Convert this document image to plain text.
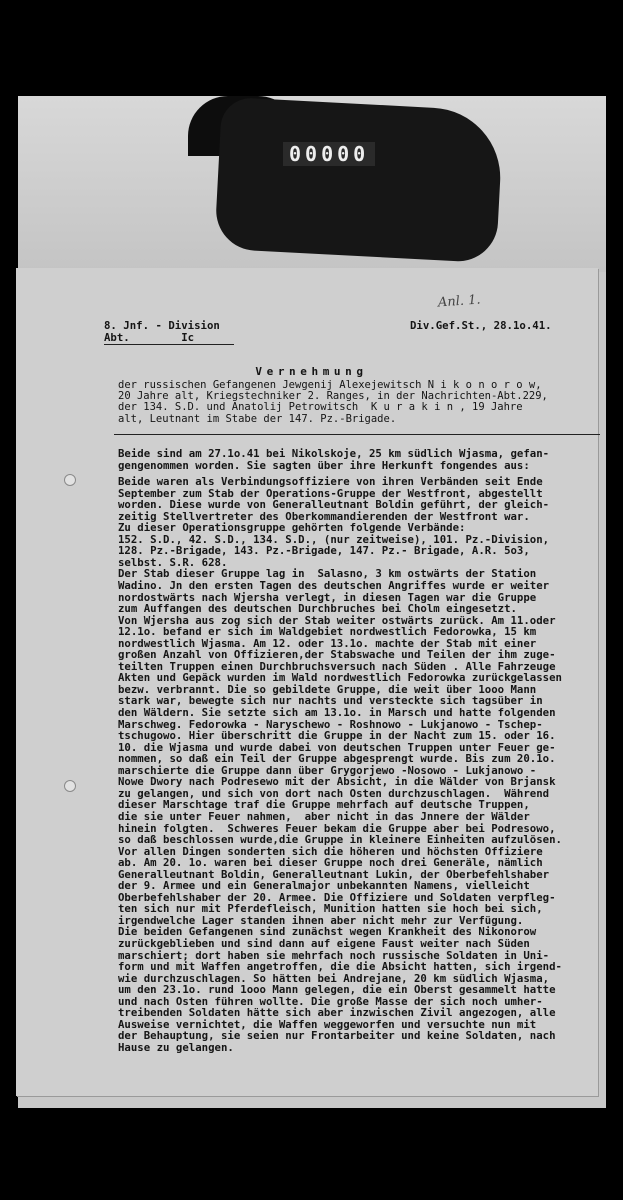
00000
Anl. 1.
8. Jnf. - Division
Abt.        Ic
Div.Gef.St., 28.1o.41.
Vernehmung
der russischen Gefangenen Jewgenij Alexejewitsch N i k o n o r o w,
20 Jahre alt, Kriegstechniker 2. Ranges, in der Nachrichten-Abt.229,
der 134. S.D. und Anatolij Petrowitsch  K u r a k i n , 19 Jahre
alt, Leutnant im Stabe der 147. Pz.-Brigade.
Beide sind am 27.1o.41 bei Nikolskoje, 25 km südlich Wjasma, gefan-
gengenommen worden. Sie sagten über ihre Herkunft fongendes aus:

Beide waren als Verbindungsoffiziere von ihren Verbänden seit Ende
September zum Stab der Operations-Gruppe der Westfront, abgestellt
worden. Diese wurde von Generalleutnant Boldin geführt, der gleich-
zeitig Stellvertreter des Oberkommandierenden der Westfront war.
Zu dieser Operationsgruppe gehörten folgende Verbände:
152. S.D., 42. S.D., 134. S.D., (nur zeitweise), 101. Pz.-Division,
128. Pz.-Brigade, 143. Pz.-Brigade, 147. Pz.- Brigade, A.R. 5o3,
selbst. S.R. 628.
Der Stab dieser Gruppe lag in  Salasno, 3 km ostwärts der Station
Wadino. Jn den ersten Tagen des deutschen Angriffes wurde er weiter
nordostwärts nach Wjersha verlegt, in diesen Tagen war die Gruppe
zum Auffangen des deutschen Durchbruches bei Cholm eingesetzt.
Von Wjersha aus zog sich der Stab weiter ostwärts zurück. Am 11.oder
12.1o. befand er sich im Waldgebiet nordwestlich Fedorowka, 15 km
nordwestlich Wjasma. Am 12. oder 13.1o. machte der Stab mit einer
großen Anzahl von Offizieren,der Stabswache und Teilen der ihm zuge-
teilten Truppen einen Durchbruchsversuch nach Süden . Alle Fahrzeuge
Akten und Gepäck wurden im Wald nordwestlich Fedorowka zurückgelassen
bezw. verbrannt. Die so gebildete Gruppe, die weit über 1ooo Mann
stark war, bewegte sich nur nachts und versteckte sich tagsüber in
den Wäldern. Sie setzte sich am 13.1o. in Marsch und hatte folgenden
Marschweg. Fedorowka - Naryschewo - Roshnowo - Lukjanowo - Tschep-
tschugowo. Hier überschritt die Gruppe in der Nacht zum 15. oder 16.
10. die Wjasma und wurde dabei von deutschen Truppen unter Feuer ge-
nommen, so daß ein Teil der Gruppe abgesprengt wurde. Bis zum 20.1o.
marschierte die Gruppe dann über Grygorjewo -Nosowo - Lukjanowo -
Nowe Dwory nach Podresewo mit der Absicht, in die Wälder von Brjansk
zu gelangen, und sich von dort nach Osten durchzuschlagen.  Während
dieser Marschtage traf die Gruppe mehrfach auf deutsche Truppen,
die sie unter Feuer nahmen,  aber nicht in das Jnnere der Wälder
hinein folgten.  Schweres Feuer bekam die Gruppe aber bei Podresowo,
so daß beschlossen wurde,die Gruppe in kleinere Einheiten aufzulösen.
Vor allen Dingen sonderten sich die höheren und höchsten Offiziere
ab. Am 20. 1o. waren bei dieser Gruppe noch drei Generäle, nämlich
Generalleutnant Boldin, Generalleutnant Lukin, der Oberbefehlshaber
der 9. Armee und ein Generalmajor unbekannten Namens, vielleicht
Oberbefehlshaber der 20. Armee. Die Offiziere und Soldaten verpfleg-
ten sich nur mit Pferdefleisch, Munition hatten sie hoch bei sich,
irgendwelche Lager standen ihnen aber nicht mehr zur Verfügung.
Die beiden Gefangenen sind zunächst wegen Krankheit des Nikonorow
zurückgeblieben und sind dann auf eigene Faust weiter nach Süden
marschiert; dort haben sie mehrfach noch russische Soldaten in Uni-
form und mit Waffen angetroffen, die die Absicht hatten, sich irgend-
wie durchzuschlagen. So hätten bei Andrejane, 20 km südlich Wjasma,
um den 23.1o. rund 1ooo Mann gelegen, die ein Oberst gesammelt hatte
und nach Osten führen wollte. Die große Masse der sich noch umher-
treibenden Soldaten hätte sich aber inzwischen Zivil angezogen, alle
Ausweise vernichtet, die Waffen weggeworfen und versuchte nun mit
der Behauptung, sie seien nur Frontarbeiter und keine Soldaten, nach
Hause zu gelangen.
